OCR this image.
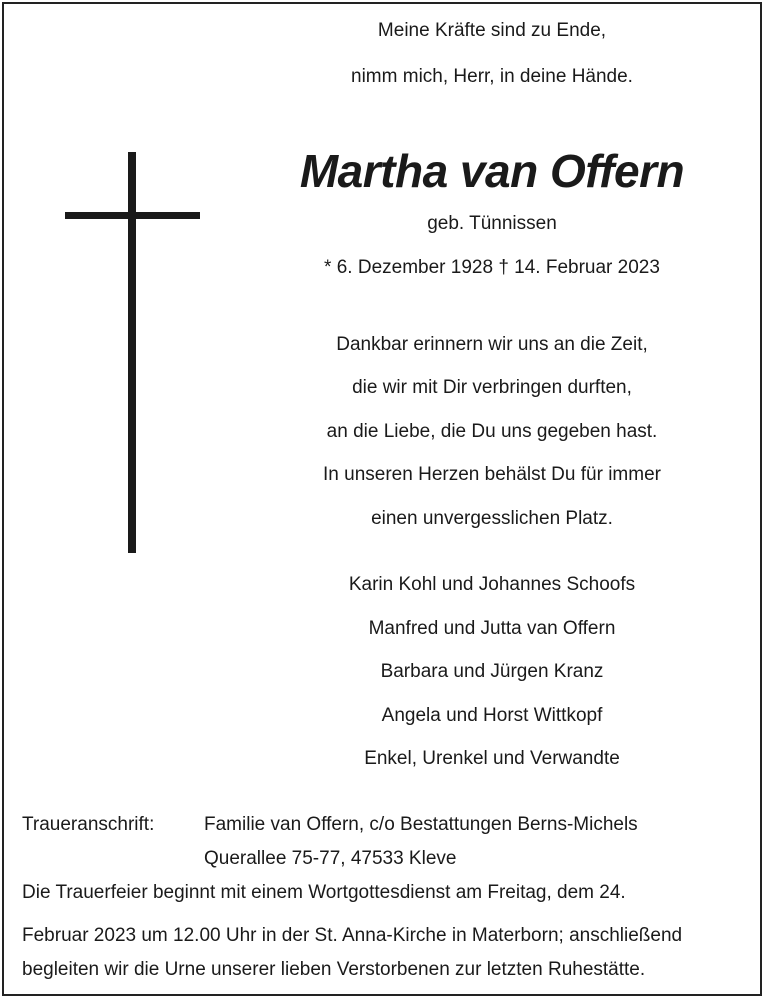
Meine Kräfte sind zu Ende,
nimm mich, Herr, in deine Hände.
Martha van Offern
geb. Tünnissen
* 6. Dezember 1928 † 14. Februar 2023
Dankbar erinnern wir uns an die Zeit,
die wir mit Dir verbringen durften,
an die Liebe, die Du uns gegeben hast.
In unseren Herzen behälst Du für immer
einen unvergesslichen Platz.
Karin Kohl und Johannes Schoofs
Manfred und Jutta van Offern
Barbara und Jürgen Kranz
Angela und Horst Wittkopf
Enkel, Urenkel und Verwandte
Traueranschrift:	Familie van Offern, c/o Bestattungen Berns-Michels
Querallee 75-77, 47533 Kleve
Die Trauerfeier beginnt mit einem Wortgottesdienst am Freitag, dem 24.
Februar 2023 um 12.00 Uhr in der St. Anna-Kirche in Materborn; anschließend
begleiten wir die Urne unserer lieben Verstorbenen zur letzten Ruhestätte.
